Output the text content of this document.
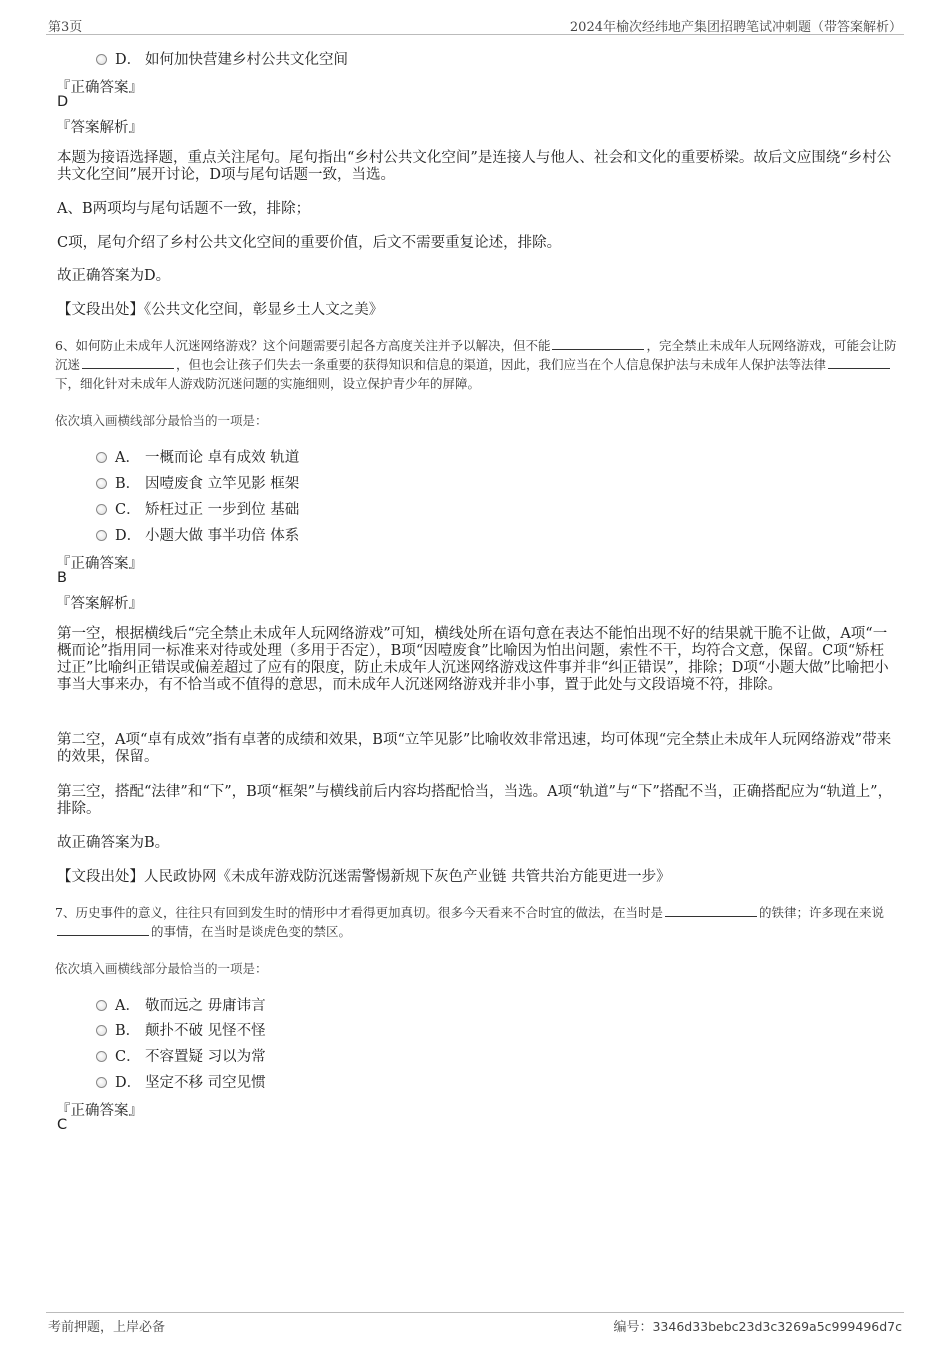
第3页	2024年榆次经纬地产集团招聘笔试冲刺题（带答案解析）
D． 如何加快营建乡村公共文化空间
『正确答案』
D
『答案解析』
本题为接语选择题，重点关注尾句。尾句指出“乡村公共文化空间”是连接人与他人、社会和文化的重要桥梁。故后文应围绕“乡村公共文化空间”展开讨论，D项与尾句话题一致，当选。
A、B两项均与尾句话题不一致，排除；
C项，尾句介绍了乡村公共文化空间的重要价值，后文不需要重复论述，排除。
故正确答案为D。
【文段出处】《公共文化空间，彰显乡土人文之美》
6、如何防止未成年人沉迷网络游戏？这个问题需要引起各方高度关注并予以解决，但不能	，完全禁止未成年人玩网络游戏，可能会让防沉迷	，但也会让孩子们失去一条重要的获得知识和信息的渠道，因此，我们应当在个人信息保护法与未成年人保护法等法律下，细化针对未成年人游戏防沉迷问题的实施细则，设立保护青少年的屏障。
依次填入画横线部分最恰当的一项是：
A． 一概而论 卓有成效 轨道
B． 因噎废食 立竿见影 框架
C． 矫枉过正 一步到位 基础
D． 小题大做 事半功倍 体系
『正确答案』
B
『答案解析』
第一空，根据横线后“完全禁止未成年人玩网络游戏”可知，横线处所在语句意在表达不能怕出现不好的结果就干脆不让做，A项“一概而论”指用同一标准来对待或处理（多用于否定），B项“因噎废食”比喻因为怕出问题，索性不干，均符合文意，保留。C项“矫枉过正”比喻纠正错误或偏差超过了应有的限度，防止未成年人沉迷网络游戏这件事并非“纠正错误”，排除；D项“小题大做”比喻把小事当大事来办，有不恰当或不值得的意思，而未成年人沉迷网络游戏并非小事，置于此处与文段语境不符，排除。
第二空，A项“卓有成效”指有卓著的成绩和效果，B项“立竿见影”比喻收效非常迅速，均可体现“完全禁止未成年人玩网络游戏”带来的效果，保留。
第三空，搭配“法律”和“下”，B项“框架”与横线前后内容均搭配恰当，当选。A项“轨道”与“下”搭配不当，正确搭配应为“轨道上”，排除。
故正确答案为B。
【文段出处】人民政协网《未成年游戏防沉迷需警惕新规下灰色产业链 共管共治方能更进一步》
7、历史事件的意义，往往只有回到发生时的情形中才看得更加真切。很多今天看来不合时宜的做法，在当时是	的铁律；许多现在来说的事情，在当时是谈虎色变的禁区。
依次填入画横线部分最恰当的一项是：
A． 敬而远之 毋庸讳言
B． 颠扑不破 见怪不怪
C． 不容置疑 习以为常
D． 坚定不移 司空见惯
『正确答案』
C
考前押题，上岸必备	编号：3346d33bebc23d3c3269a5c999496d7c
